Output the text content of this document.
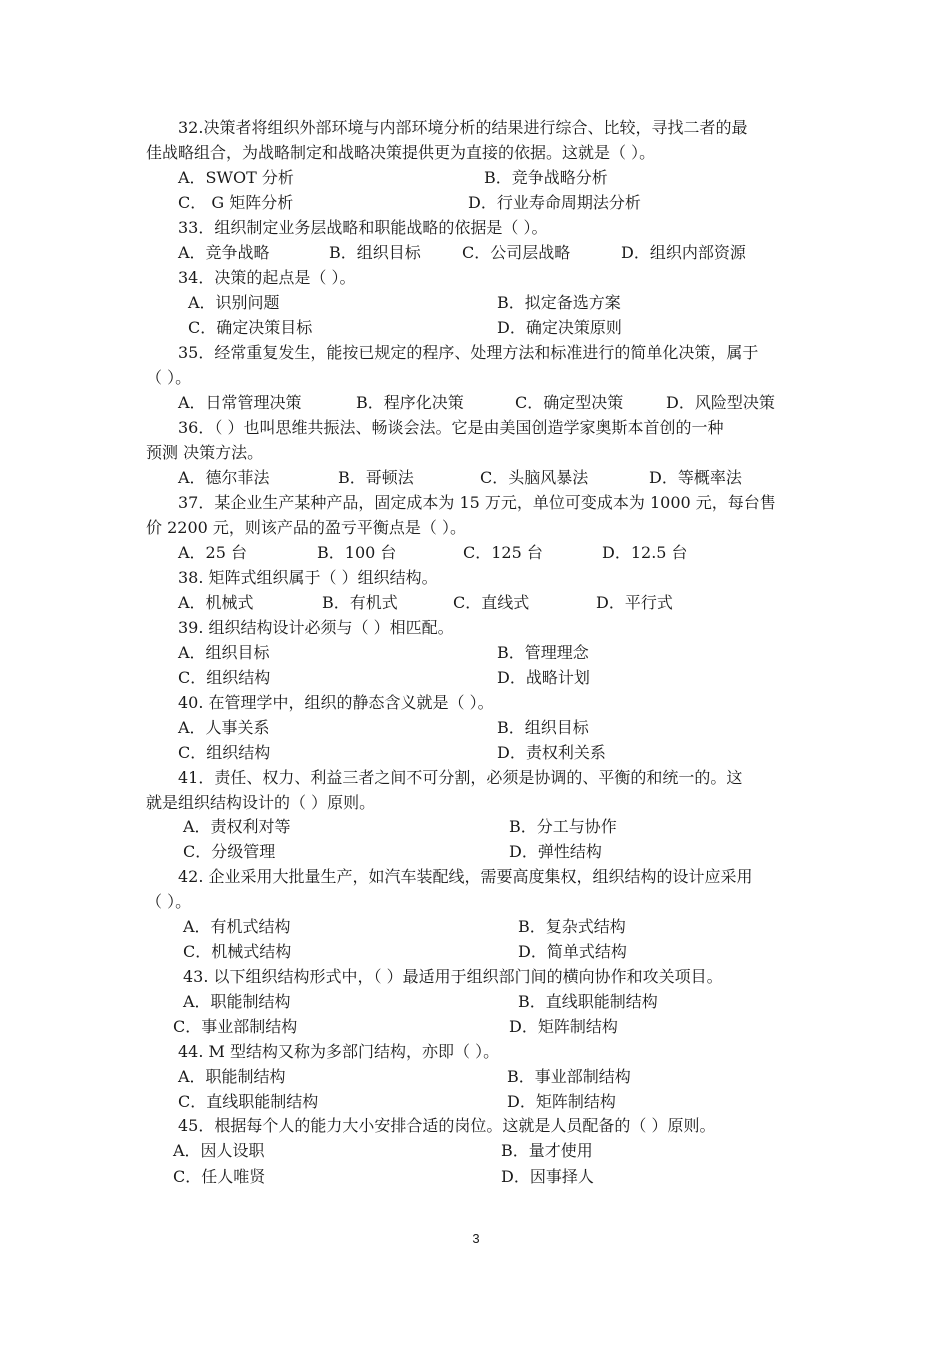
32.决策者将组织外部环境与内部环境分析的结果进行综合、比较，寻找二者的最
佳战略组合，为战略制定和战略决策提供更为直接的依据。这就是（ ）。
A．SWOT 分析	B．竞争战略分析
C． G 矩阵分析	D．行业寿命周期法分析
33．组织制定业务层战略和职能战略的依据是（ ）。
A．竞争战略	B．组织目标	C．公司层战略	D．组织内部资源
34．决策的起点是（ ）。
A．识别问题	B．拟定备选方案
C．确定决策目标	D．确定决策原则
35．经常重复发生，能按已规定的程序、处理方法和标准进行的简单化决策，属于
（ ）。
A．日常管理决策	B．程序化决策	C．确定型决策	D．风险型决策
36．（ ）也叫思维共振法、畅谈会法。它是由美国创造学家奥斯本首创的一种
预测 决策方法。
A．德尔菲法	B．哥顿法	C．头脑风暴法	D．等概率法
37．某企业生产某种产品，固定成本为 15 万元，单位可变成本为 1000 元，每台售
价 2200 元，则该产品的盈亏平衡点是（ ）。
A．25 台	B．100 台	C．125 台	D．12.5 台
38. 矩阵式组织属于（ ）组织结构。
A．机械式	B．有机式	C．直线式	D．平行式
39. 组织结构设计必须与（ ）相匹配。
A．组织目标	B．管理理念
C．组织结构	D．战略计划
40. 在管理学中，组织的静态含义就是（ ）。
A．人事关系	B．组织目标
C．组织结构	D．责权利关系
41．责任、权力、利益三者之间不可分割，必须是协调的、平衡的和统一的。这
就是组织结构设计的（ ）原则。
A．责权利对等	B．分工与协作
C．分级管理	D．弹性结构
42. 企业采用大批量生产，如汽车装配线，需要高度集权，组织结构的设计应采用
（ ）。
A．有机式结构	B．复杂式结构
C．机械式结构	D．简单式结构
43. 以下组织结构形式中，（ ）最适用于组织部门间的横向协作和攻关项目。
A．职能制结构	B．直线职能制结构
C．事业部制结构	D．矩阵制结构
44. M 型结构又称为多部门结构，亦即（ ）。
A．职能制结构	B．事业部制结构
C．直线职能制结构	D．矩阵制结构
45．根据每个人的能力大小安排合适的岗位。这就是人员配备的（ ）原则。
A．因人设职	B．量才使用
C．任人唯贤	D．因事择人
3
